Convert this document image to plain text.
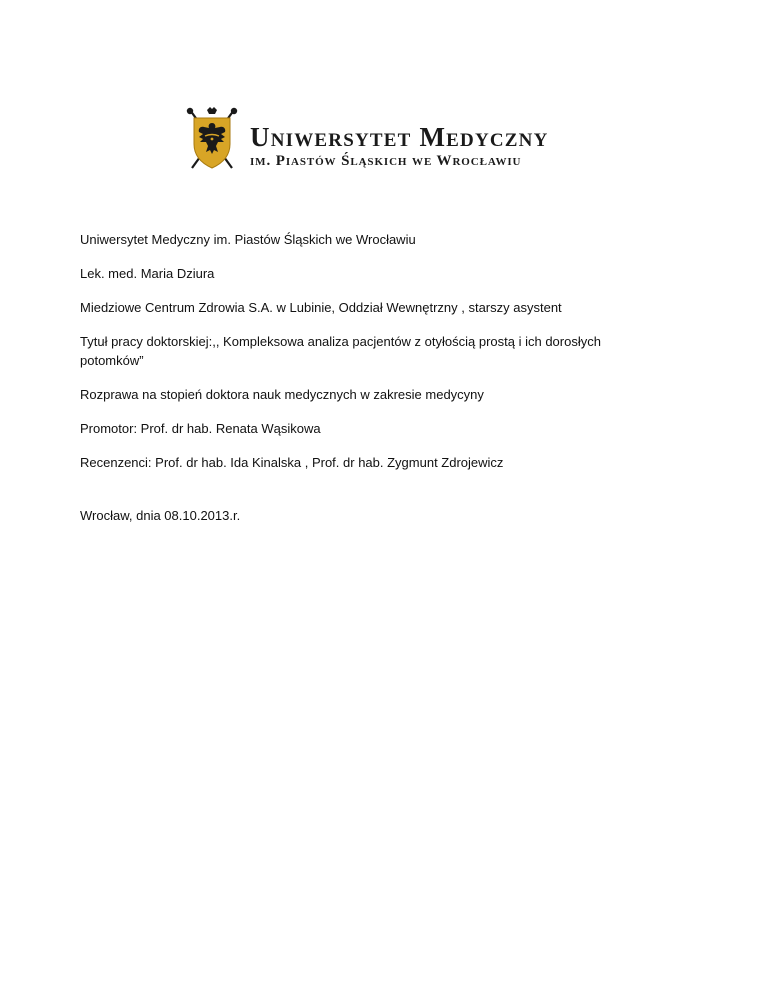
Uniwersytet Medyczny
im. Piastów Śląskich we Wrocławiu
Uniwersytet Medyczny im. Piastów Śląskich we Wrocławiu
Lek. med. Maria Dziura
Miedziowe Centrum Zdrowia S.A. w Lubinie, Oddział Wewnętrzny , starszy asystent
Tytuł pracy doktorskiej:,, Kompleksowa analiza pacjentów z otyłością prostą i ich dorosłych potomków”
Rozprawa na stopień doktora nauk medycznych w zakresie medycyny
Promotor: Prof. dr hab. Renata Wąsikowa
Recenzenci: Prof. dr hab. Ida Kinalska , Prof. dr hab. Zygmunt Zdrojewicz
Wrocław, dnia 08.10.2013.r.
